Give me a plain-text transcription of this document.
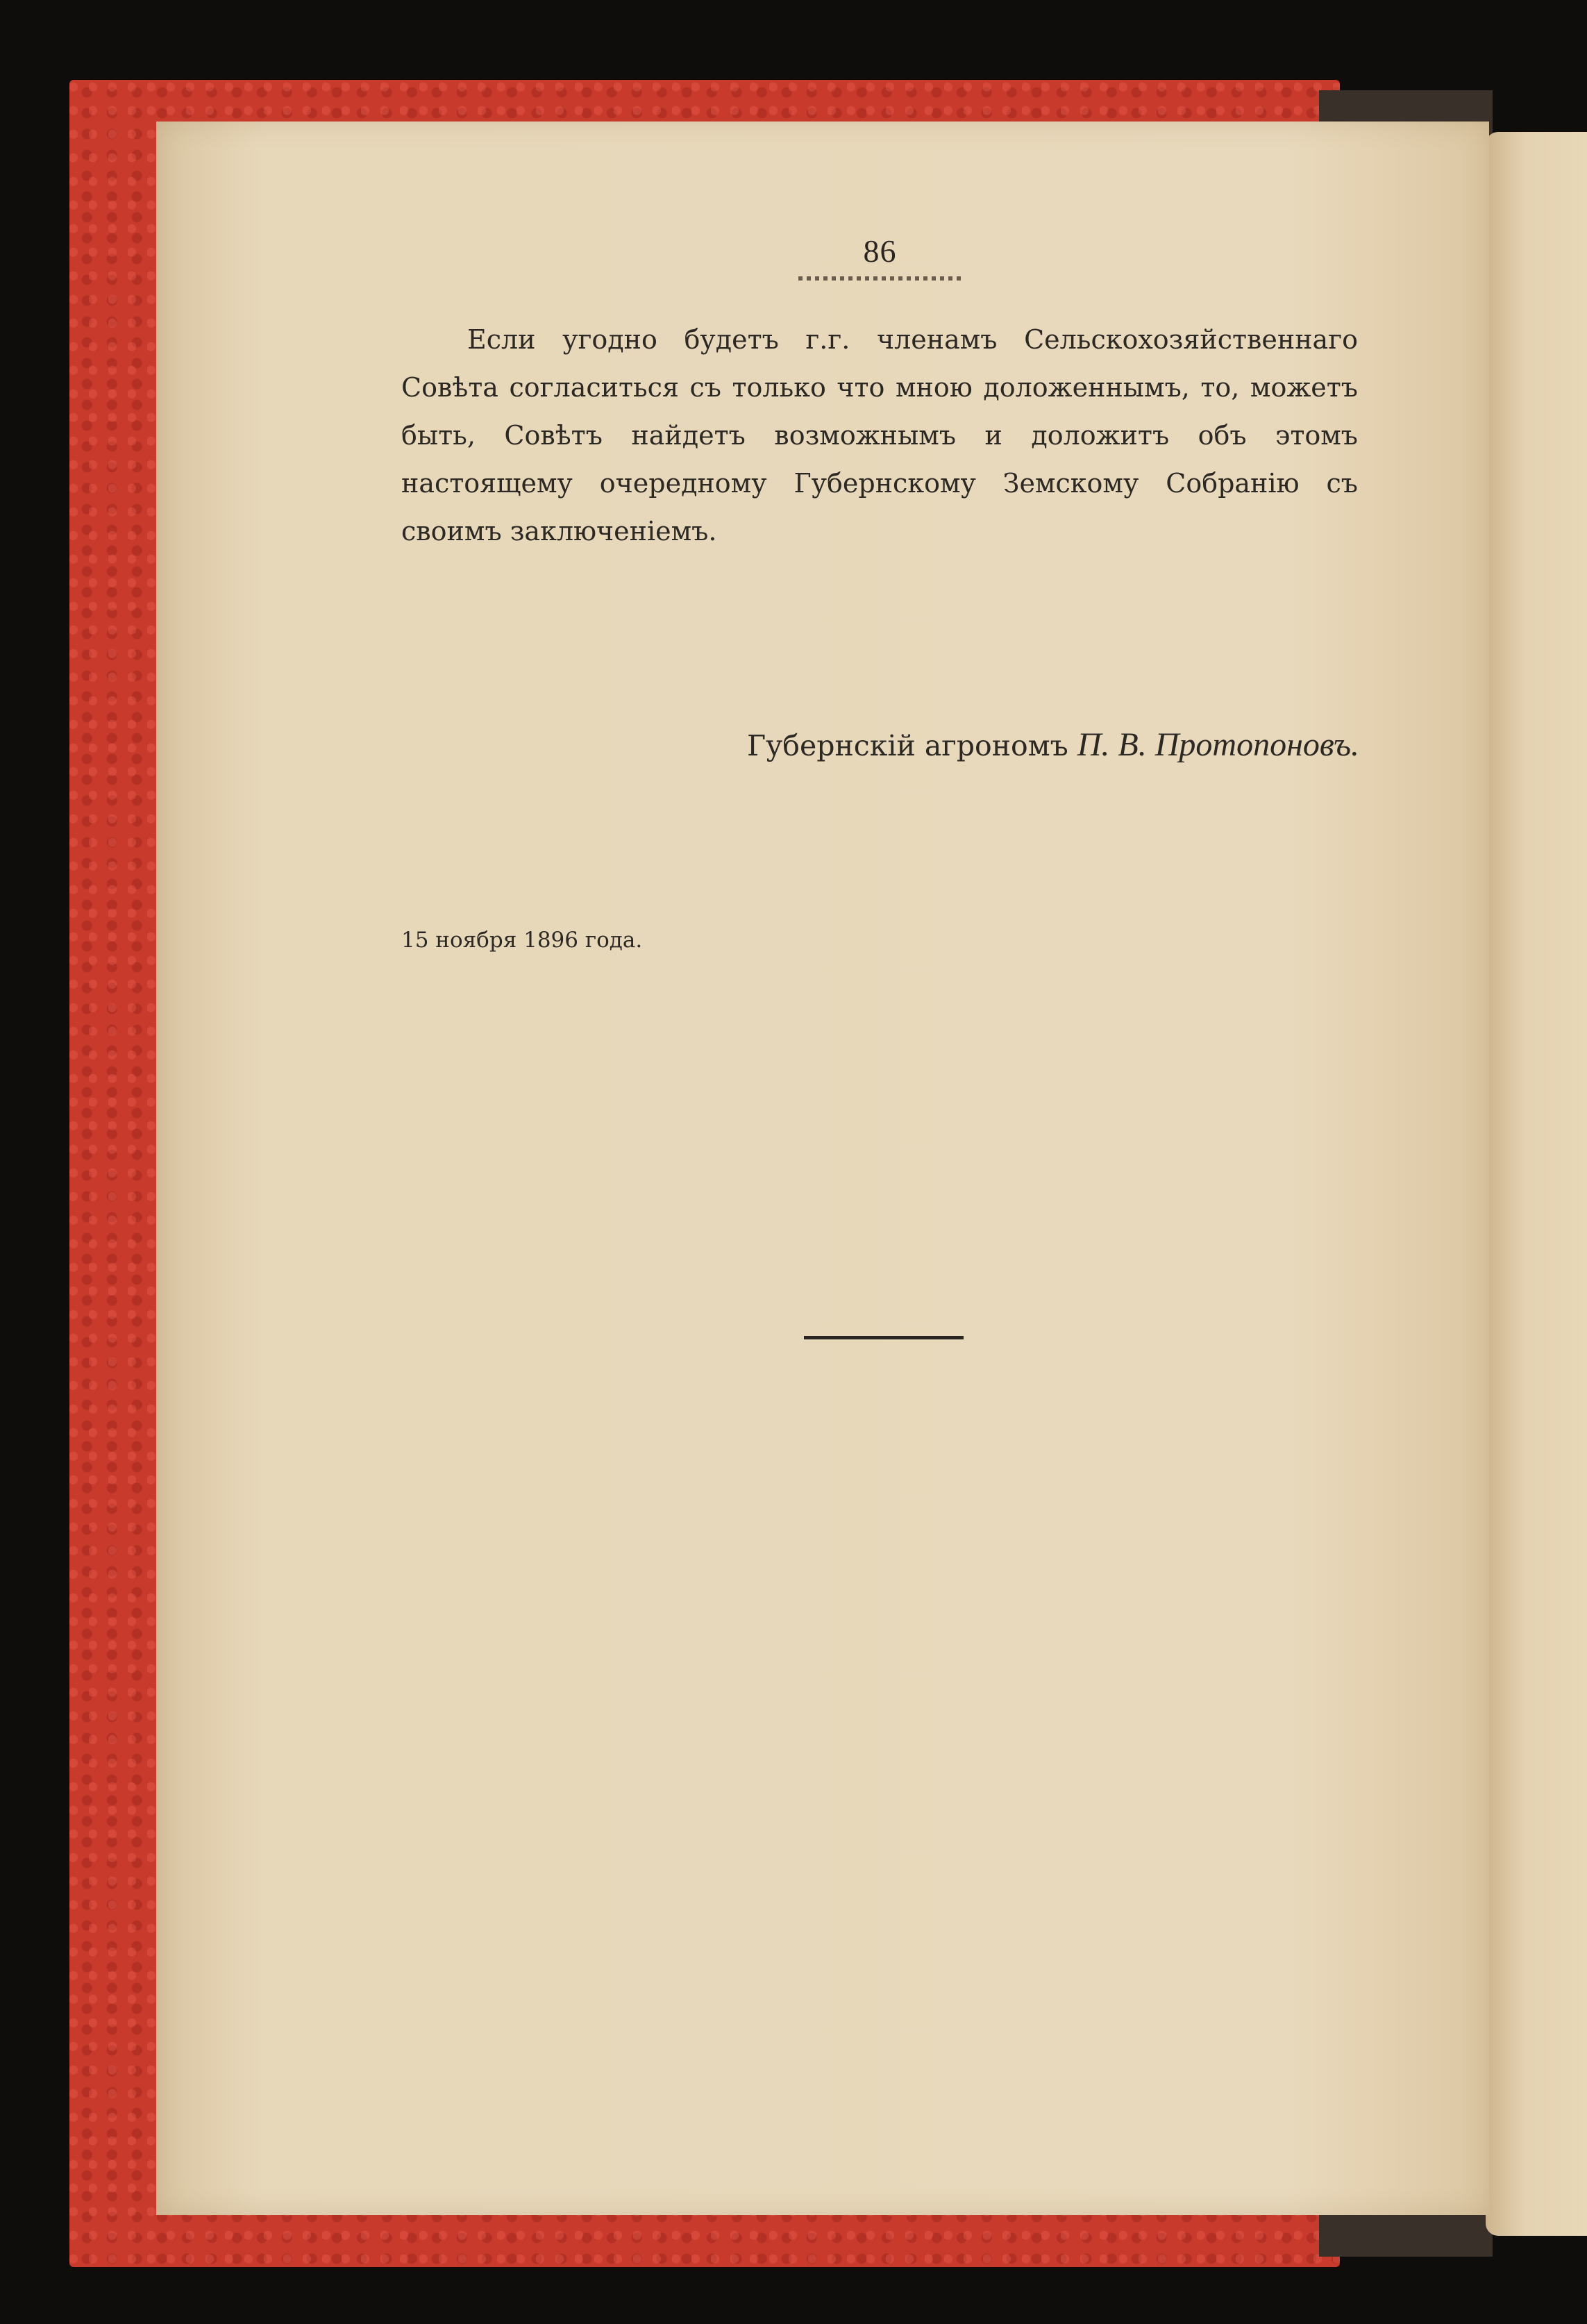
86

Если угодно будетъ г.г. членамъ Сельскохозяйственнаго Совѣта согласиться съ только что мною доложеннымъ, то, можетъ быть, Совѣтъ найдетъ возможнымъ и доложитъ объ этомъ настоящему очередному Губернскому Земскому Собранію съ своимъ заключеніемъ.

Губернскій агрономъ П. В. Протопоновъ.
15 ноября 1896 года.
